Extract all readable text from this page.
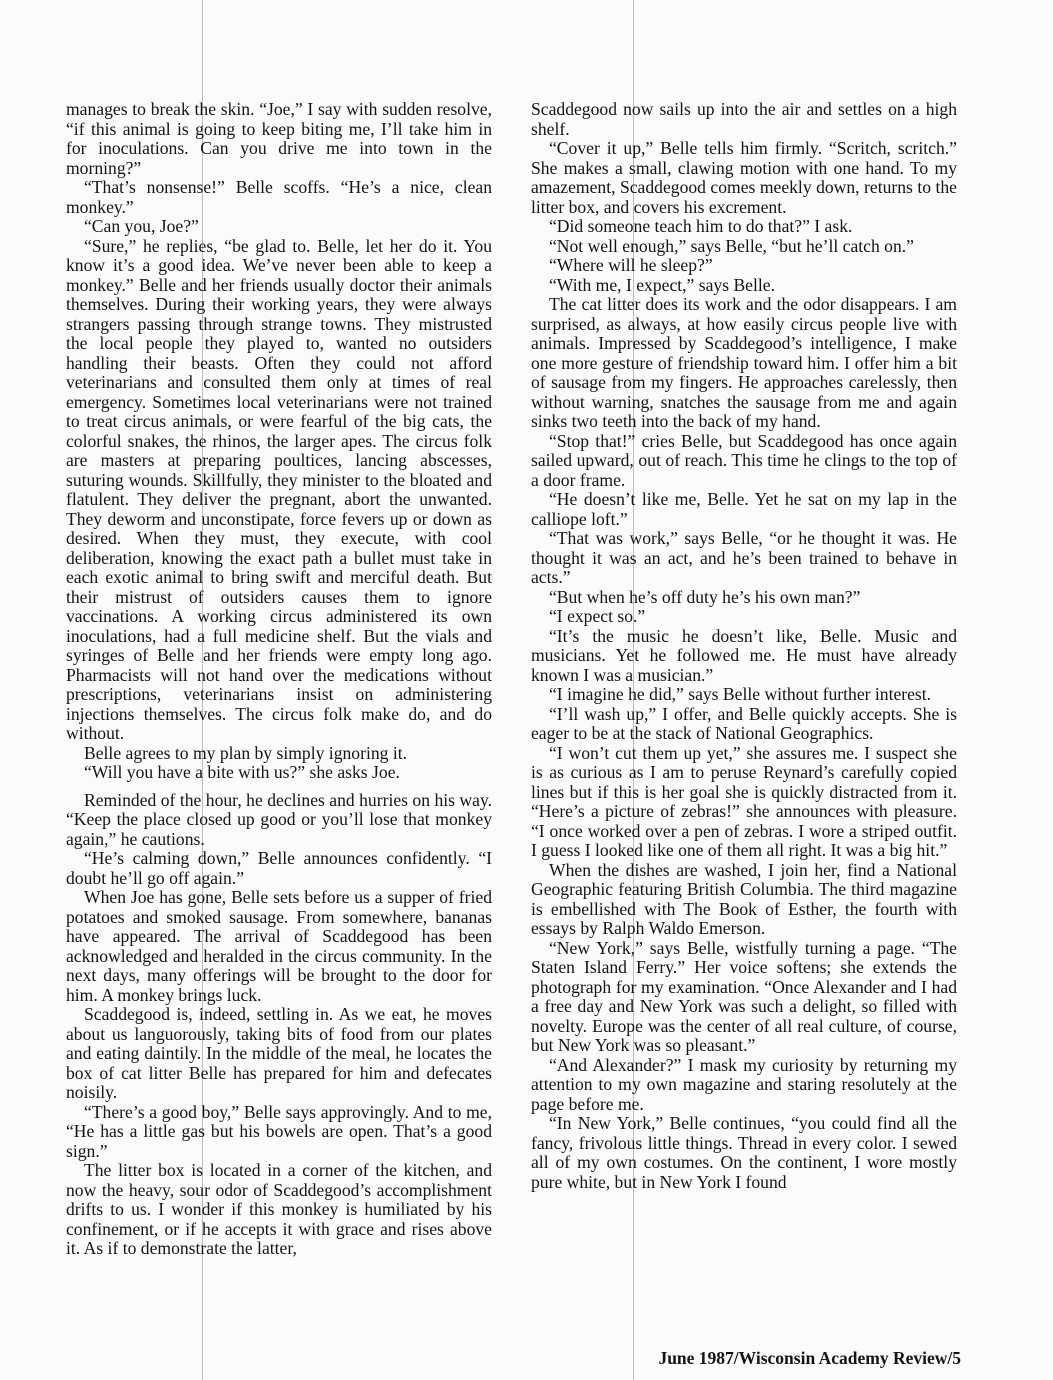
manages to break the skin. “Joe,” I say with sudden resolve, “if this animal is going to keep biting me, I’ll take him in for inoculations. Can you drive me into town in the morning?”

“That’s nonsense!” Belle scoffs. “He’s a nice, clean monkey.”

“Can you, Joe?”

“Sure,” he replies, “be glad to. Belle, let her do it. You know it’s a good idea. We’ve never been able to keep a monkey.” Belle and her friends usually doctor their animals themselves. During their working years, they were always strangers passing through strange towns. They mistrusted the local people they played to, wanted no outsiders handling their beasts. Often they could not afford veterinarians and consulted them only at times of real emergency. Sometimes local veterinarians were not trained to treat circus animals, or were fearful of the big cats, the colorful snakes, the rhinos, the larger apes. The circus folk are masters at preparing poultices, lancing abscesses, suturing wounds. Skillfully, they minister to the bloated and flatulent. They deliver the pregnant, abort the unwanted. They deworm and unconstipate, force fevers up or down as desired. When they must, they execute, with cool deliberation, knowing the exact path a bullet must take in each exotic animal to bring swift and merciful death. But their mistrust of outsiders causes them to ignore vaccinations. A working circus administered its own inoculations, had a full medicine shelf. But the vials and syringes of Belle and her friends were empty long ago. Pharmacists will not hand over the medications without prescriptions, veterinarians insist on administering injections themselves. The circus folk make do, and do without.

Belle agrees to my plan by simply ignoring it.

“Will you have a bite with us?” she asks Joe.

Reminded of the hour, he declines and hurries on his way. “Keep the place closed up good or you’ll lose that monkey again,” he cautions.

“He’s calming down,” Belle announces confidently. “I doubt he’ll go off again.”

When Joe has gone, Belle sets before us a supper of fried potatoes and smoked sausage. From somewhere, bananas have appeared. The arrival of Scaddegood has been acknowledged and heralded in the circus community. In the next days, many offerings will be brought to the door for him. A monkey brings luck.

Scaddegood is, indeed, settling in. As we eat, he moves about us languorously, taking bits of food from our plates and eating daintily. In the middle of the meal, he locates the box of cat litter Belle has prepared for him and defecates noisily.

“There’s a good boy,” Belle says approvingly. And to me, “He has a little gas but his bowels are open. That’s a good sign.”

The litter box is located in a corner of the kitchen, and now the heavy, sour odor of Scaddegood’s accomplishment drifts to us. I wonder if this monkey is humiliated by his confinement, or if he accepts it with grace and rises above it. As if to demonstrate the latter,

Scaddegood now sails up into the air and settles on a high shelf.

“Cover it up,” Belle tells him firmly. “Scritch, scritch.” She makes a small, clawing motion with one hand. To my amazement, Scaddegood comes meekly down, returns to the litter box, and covers his excrement.

“Did someone teach him to do that?” I ask.

“Not well enough,” says Belle, “but he’ll catch on.”

“Where will he sleep?”

“With me, I expect,” says Belle.

The cat litter does its work and the odor disappears. I am surprised, as always, at how easily circus people live with animals. Impressed by Scaddegood’s intelligence, I make one more gesture of friendship toward him. I offer him a bit of sausage from my fingers. He approaches carelessly, then without warning, snatches the sausage from me and again sinks two teeth into the back of my hand.

“Stop that!” cries Belle, but Scaddegood has once again sailed upward, out of reach. This time he clings to the top of a door frame.

“He doesn’t like me, Belle. Yet he sat on my lap in the calliope loft.”

“That was work,” says Belle, “or he thought it was. He thought it was an act, and he’s been trained to behave in acts.”

“But when he’s off duty he’s his own man?”

“I expect so.”

“It’s the music he doesn’t like, Belle. Music and musicians. Yet he followed me. He must have already known I was a musician.”

“I imagine he did,” says Belle without further interest.

“I’ll wash up,” I offer, and Belle quickly accepts. She is eager to be at the stack of National Geographics.

“I won’t cut them up yet,” she assures me. I suspect she is as curious as I am to peruse Reynard’s carefully copied lines but if this is her goal she is quickly distracted from it. “Here’s a picture of zebras!” she announces with pleasure. “I once worked over a pen of zebras. I wore a striped outfit. I guess I looked like one of them all right. It was a big hit.”

When the dishes are washed, I join her, find a National Geographic featuring British Columbia. The third magazine is embellished with The Book of Esther, the fourth with essays by Ralph Waldo Emerson.

“New York,” says Belle, wistfully turning a page. “The Staten Island Ferry.” Her voice softens; she extends the photograph for my examination. “Once Alexander and I had a free day and New York was such a delight, so filled with novelty. Europe was the center of all real culture, of course, but New York was so pleasant.”

“And Alexander?” I mask my curiosity by returning my attention to my own magazine and staring resolutely at the page before me.

“In New York,” Belle continues, “you could find all the fancy, frivolous little things. Thread in every color. I sewed all of my own costumes. On the continent, I wore mostly pure white, but in New York I found

June 1987/Wisconsin Academy Review/5
